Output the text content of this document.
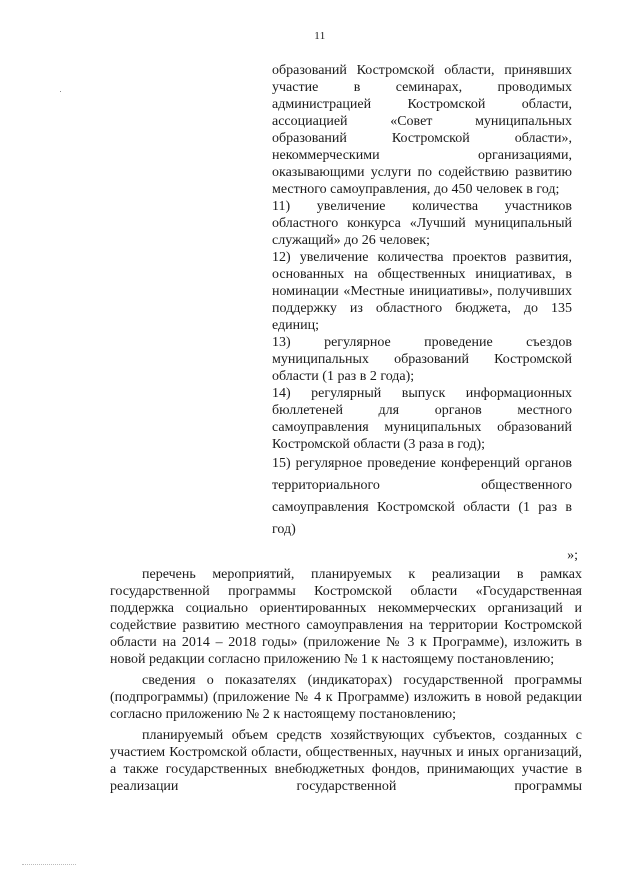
11

образований Костромской области, принявших участие в семинарах, проводимых администрацией Костромской области, ассоциацией «Совет муниципальных образований Костромской области», некоммерческими организациями, оказывающими услуги по содействию развитию местного самоуправления, до 450 человек в год;

11) увеличение количества участников областного конкурса «Лучший муниципальный служащий» до 26 человек;

12) увеличение количества проектов развития, основанных на общественных инициативах, в номинации «Местные инициативы», получивших поддержку из областного бюджета, до 135 единиц;

13) регулярное проведение съездов муниципальных образований Костромской области (1 раз в 2 года);

14) регулярный выпуск информационных бюллетеней для органов местного самоуправления муниципальных образований Костромской области (3 раза в год);

15) регулярное проведение конференций органов территориального общественного самоуправления Костромской области (1 раз в год)

»;

перечень мероприятий, планируемых к реализации в рамках государственной программы Костромской области «Государственная поддержка социально ориентированных некоммерческих организаций и содействие развитию местного самоуправления на территории Костромской области на 2014 – 2018 годы» (приложение № 3 к Программе), изложить в новой редакции согласно приложению № 1 к настоящему постановлению;

сведения о показателях (индикаторах) государственной программы (подпрограммы) (приложение № 4 к Программе) изложить в новой редакции согласно приложению № 2 к настоящему постановлению;

планируемый объем средств хозяйствующих субъектов, созданных с участием Костромской области, общественных, научных и иных организаций, а также государственных внебюджетных фондов, принимающих участие в реализации государственной программы
